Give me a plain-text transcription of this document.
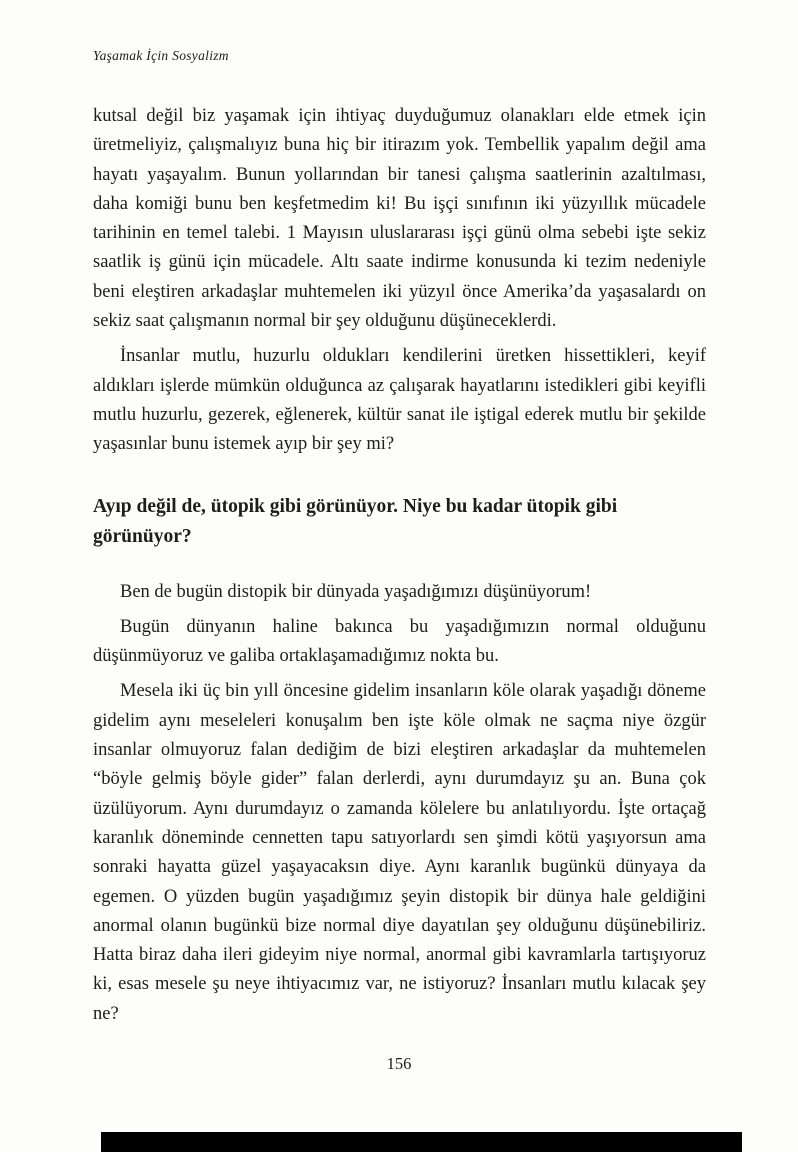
Yaşamak İçin Sosyalizm

kutsal değil biz yaşamak için ihtiyaç duyduğumuz olanakları elde etmek için üretmeliyiz, çalışmalıyız buna hiç bir itirazım yok. Tembellik yapalım değil ama hayatı yaşayalım. Bunun yollarından bir tanesi çalışma saatlerinin azaltılması, daha komiği bunu ben keşfetmedim ki! Bu işçi sınıfının iki yüzyıllık mücadele tarihinin en temel talebi. 1 Mayısın uluslararası işçi günü olma sebebi işte sekiz saatlik iş günü için mücadele. Altı saate indirme konusunda ki tezim nedeniyle beni eleştiren arkadaşlar muhtemelen iki yüzyıl önce Amerika’da yaşasalardı on sekiz saat çalışmanın normal bir şey olduğunu düşüneceklerdi.

İnsanlar mutlu, huzurlu oldukları kendilerini üretken hissettikleri, keyif aldıkları işlerde mümkün olduğunca az çalışarak hayatlarını istedikleri gibi keyifli mutlu huzurlu, gezerek, eğlenerek, kültür sanat ile iştigal ederek mutlu bir şekilde yaşasınlar bunu istemek ayıp bir şey mi?

Ayıp değil de, ütopik gibi görünüyor. Niye bu kadar ütopik gibi görünüyor?

Ben de bugün distopik bir dünyada yaşadığımızı düşünüyorum!

Bugün dünyanın haline bakınca bu yaşadığımızın normal olduğunu düşünmüyoruz ve galiba ortaklaşamadığımız nokta bu.

Mesela iki üç bin yıll öncesine gidelim insanların köle olarak yaşadığı döneme gidelim aynı meseleleri konuşalım ben işte köle olmak ne saçma niye özgür insanlar olmuyoruz falan dediğim de bizi eleştiren arkadaşlar da muhtemelen “böyle gelmiş böyle gider” falan derlerdi, aynı durumdayız şu an. Buna çok üzülüyorum. Aynı durumdayız o zamanda kölelere bu anlatılıyordu. İşte ortaçağ karanlık döneminde cennetten tapu satıyorlardı sen şimdi kötü yaşıyorsun ama sonraki hayatta güzel yaşayacaksın diye. Aynı karanlık bugünkü dünyaya da egemen. O yüzden bugün yaşadığımız şeyin distopik bir dünya hale geldiğini anormal olanın bugünkü bize normal diye dayatılan şey olduğunu düşünebiliriz. Hatta biraz daha ileri gideyim niye normal, anormal gibi kavramlarla tartışıyoruz ki, esas mesele şu neye ihtiyacımız var, ne istiyoruz? İnsanları mutlu kılacak şey ne?

156
